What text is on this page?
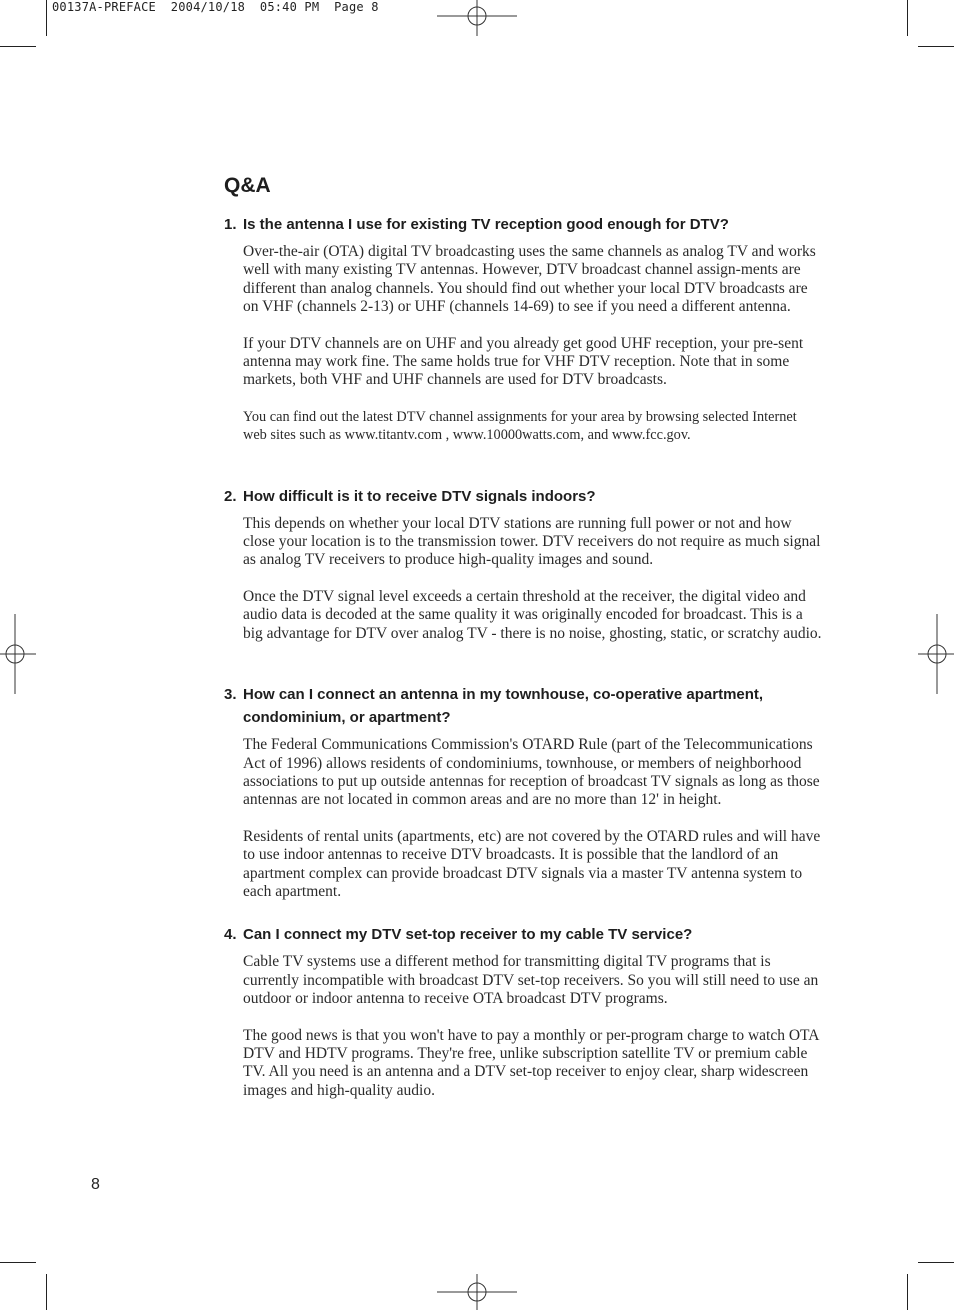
00137A-PREFACE  2004/10/18  05:40 PM  Page 8
Q&A
1. Is the antenna I use for existing TV reception good enough for DTV?

Over-the-air (OTA) digital TV broadcasting uses the same channels as analog TV and works well with many existing TV antennas. However, DTV broadcast channel assign-ments are different than analog channels. You should find out whether your local DTV broadcasts are on VHF (channels 2-13) or UHF (channels 14-69) to see if you need a different antenna.

If your DTV channels are on UHF and you already get good UHF reception, your pre-sent antenna may work fine. The same holds true for VHF DTV reception. Note that in some markets, both VHF and UHF channels are used for DTV broadcasts.

You can find out the latest DTV channel assignments for your area by browsing selected Internet web sites such as www.titantv.com , www.10000watts.com, and www.fcc.gov.

2. How difficult is it to receive DTV signals indoors?

This depends on whether your local DTV stations are running full power or not and how close your location is to the transmission tower. DTV receivers do not require as much signal as analog TV receivers to produce high-quality images and sound.

Once the DTV signal level exceeds a certain threshold at the receiver, the digital video and audio data is decoded at the same quality it was originally encoded for broadcast. This is a big advantage for DTV over analog TV - there is no noise, ghosting, static, or scratchy audio.

3. How can I connect an antenna in my townhouse, co-operative apartment, condominium, or apartment?

The Federal Communications Commission's OTARD Rule (part of the Telecommunications Act of 1996) allows residents of condominiums, townhouse, or members of neighborhood associations to put up outside antennas for reception of broadcast TV signals as long as those antennas are not located in common areas and are no more than 12' in height.

Residents of rental units (apartments, etc) are not covered by the OTARD rules and will have to use indoor antennas to receive DTV broadcasts. It is possible that the landlord of an apartment complex can provide broadcast DTV signals via a master TV antenna system to each apartment.

4. Can I connect my DTV set-top receiver to my cable TV service?

Cable TV systems use a different method for transmitting digital TV programs that is currently incompatible with broadcast DTV set-top receivers. So you will still need to use an outdoor or indoor antenna to receive OTA broadcast DTV programs.

The good news is that you won't have to pay a monthly or per-program charge to watch OTA DTV and HDTV programs. They're free, unlike subscription satellite TV or premium cable TV. All you need is an antenna and a DTV set-top receiver to enjoy clear, sharp widescreen images and high-quality audio.

8
